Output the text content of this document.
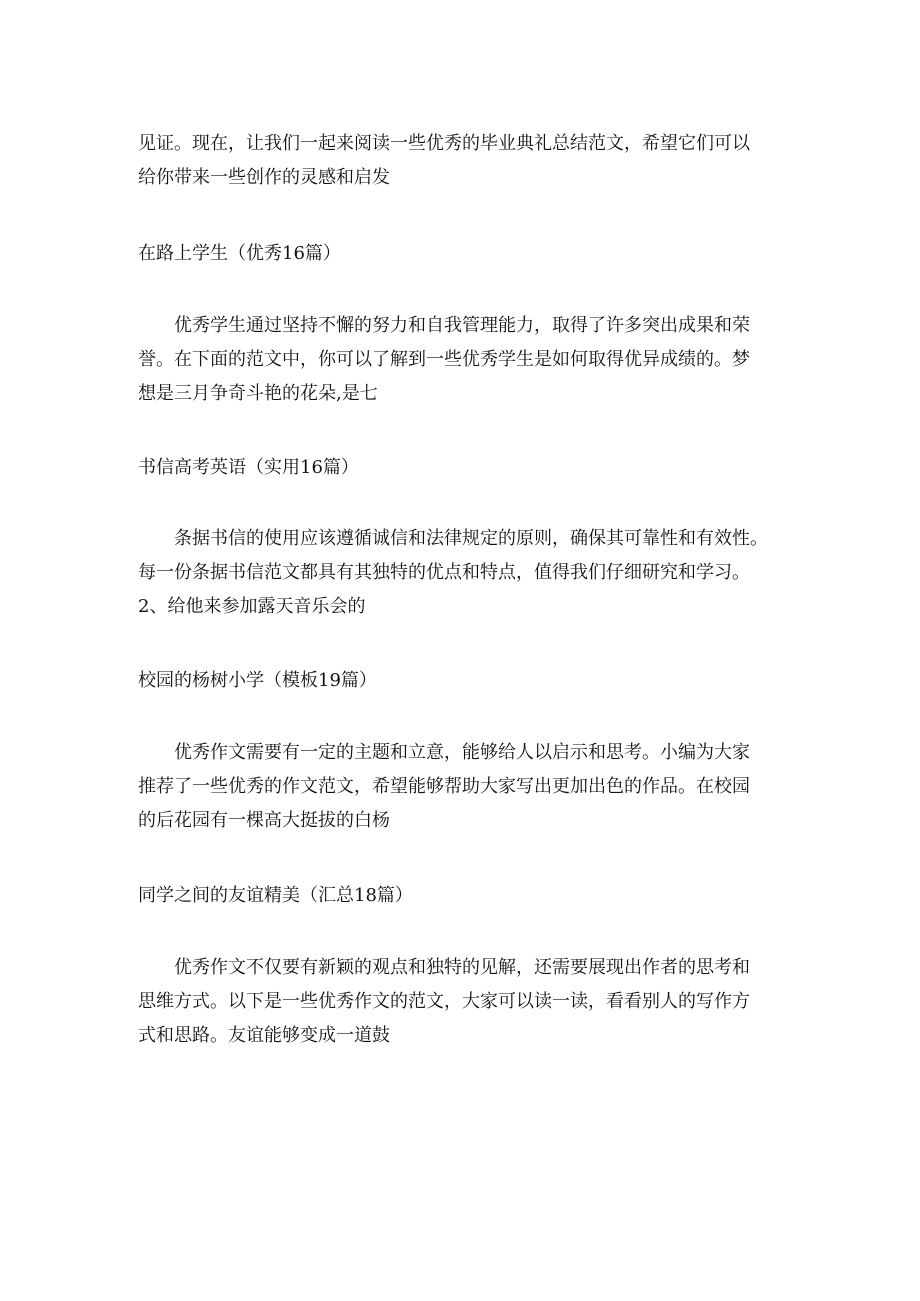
见证。现在，让我们一起来阅读一些优秀的毕业典礼总结范文，希望它们可以
给你带来一些创作的灵感和启发
在路上学生（优秀16篇）
优秀学生通过坚持不懈的努力和自我管理能力，取得了许多突出成果和荣
誉。在下面的范文中，你可以了解到一些优秀学生是如何取得优异成绩的。梦
想是三月争奇斗艳的花朵,是七
书信高考英语（实用16篇）
条据书信的使用应该遵循诚信和法律规定的原则，确保其可靠性和有效性。
每一份条据书信范文都具有其独特的优点和特点，值得我们仔细研究和学习。
2、给他来参加露天音乐会的
校园的杨树小学（模板19篇）
优秀作文需要有一定的主题和立意，能够给人以启示和思考。小编为大家
推荐了一些优秀的作文范文，希望能够帮助大家写出更加出色的作品。在校园
的后花园有一棵高大挺拔的白杨
同学之间的友谊精美（汇总18篇）
优秀作文不仅要有新颖的观点和独特的见解，还需要展现出作者的思考和
思维方式。以下是一些优秀作文的范文，大家可以读一读，看看别人的写作方
式和思路。友谊能够变成一道鼓
